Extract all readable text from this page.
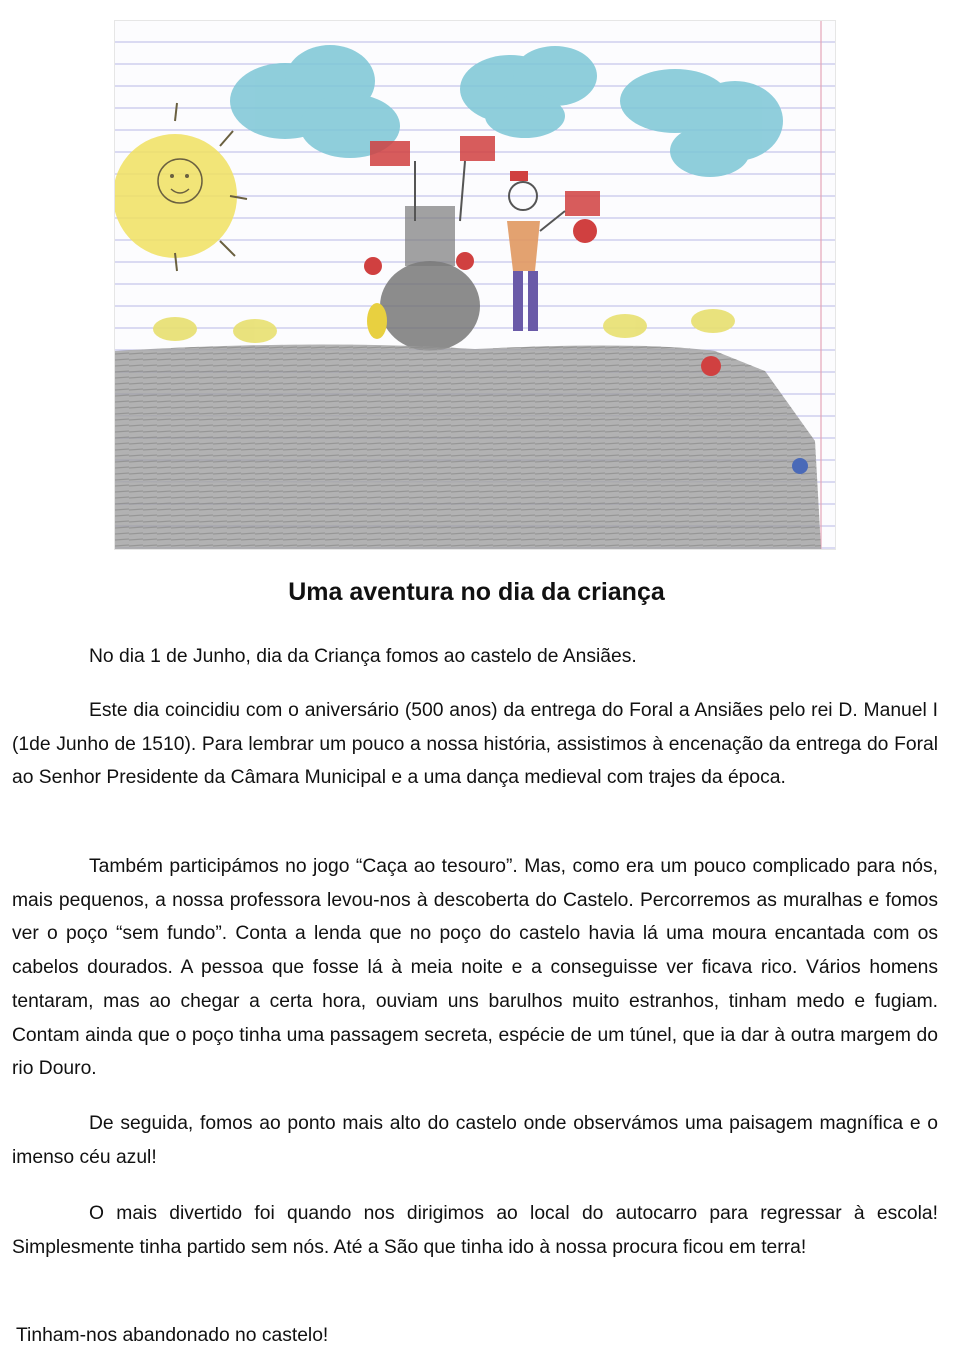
Uma aventura no dia da criança

No dia 1 de Junho, dia da Criança fomos ao castelo de Ansiães.

Este dia coincidiu com o aniversário (500 anos) da entrega do Foral a Ansiães pelo rei D. Manuel I (1de Junho de 1510). Para lembrar um pouco a nossa história, assistimos à encenação da entrega do Foral ao Senhor Presidente da Câmara Municipal e a uma dança medieval com trajes da época.

Também participámos no jogo “Caça ao tesouro”. Mas, como era um pouco complicado para nós, mais pequenos, a nossa professora levou-nos à descoberta do Castelo. Percorremos as muralhas e fomos ver o poço “sem fundo”. Conta a lenda que no poço do castelo havia lá uma moura encantada com os cabelos dourados. A pessoa que fosse lá à meia noite e a conseguisse ver ficava rico. Vários homens tentaram, mas ao chegar a certa hora, ouviam uns barulhos muito estranhos, tinham medo e fugiam. Contam ainda que o poço tinha uma passagem secreta, espécie de um túnel, que ia dar à outra margem do rio Douro.

De seguida, fomos ao ponto mais alto do castelo onde observámos uma paisagem magnífica e o imenso céu azul!

O mais divertido foi quando nos dirigimos ao local do autocarro para regressar à escola! Simplesmente tinha partido sem nós. Até a São que tinha ido à nossa procura ficou em terra!

Tinham-nos abandonado no castelo!
